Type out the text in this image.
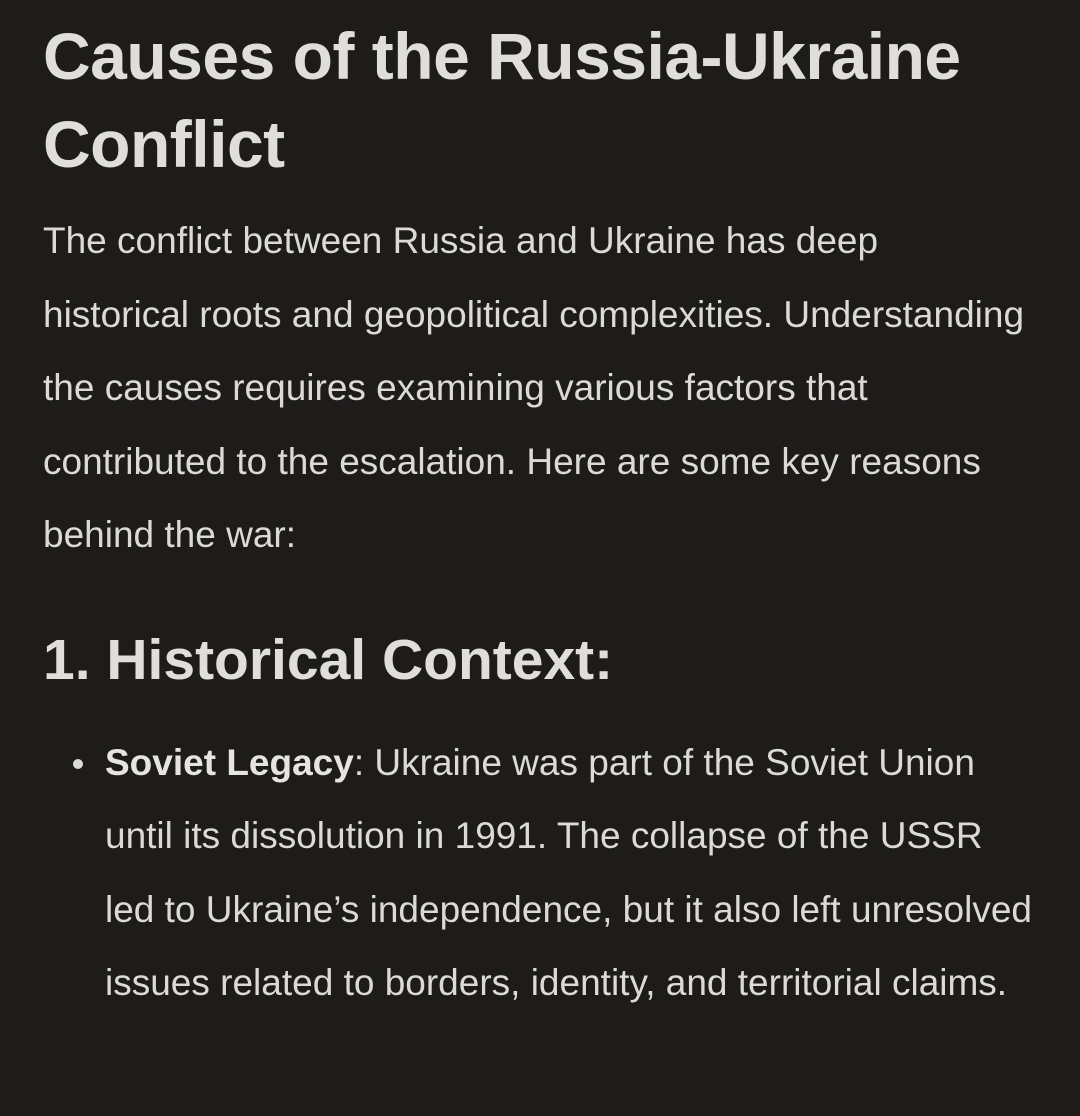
Causes of the Russia-Ukraine Conflict

The conflict between Russia and Ukraine has deep historical roots and geopolitical complexities. Understanding the causes requires examining various factors that contributed to the escalation. Here are some key reasons behind the war:

1. Historical Context:
Soviet Legacy: Ukraine was part of the Soviet Union until its dissolution in 1991. The collapse of the USSR led to Ukraine’s independence, but it also left unresolved issues related to borders, identity, and territorial claims.
